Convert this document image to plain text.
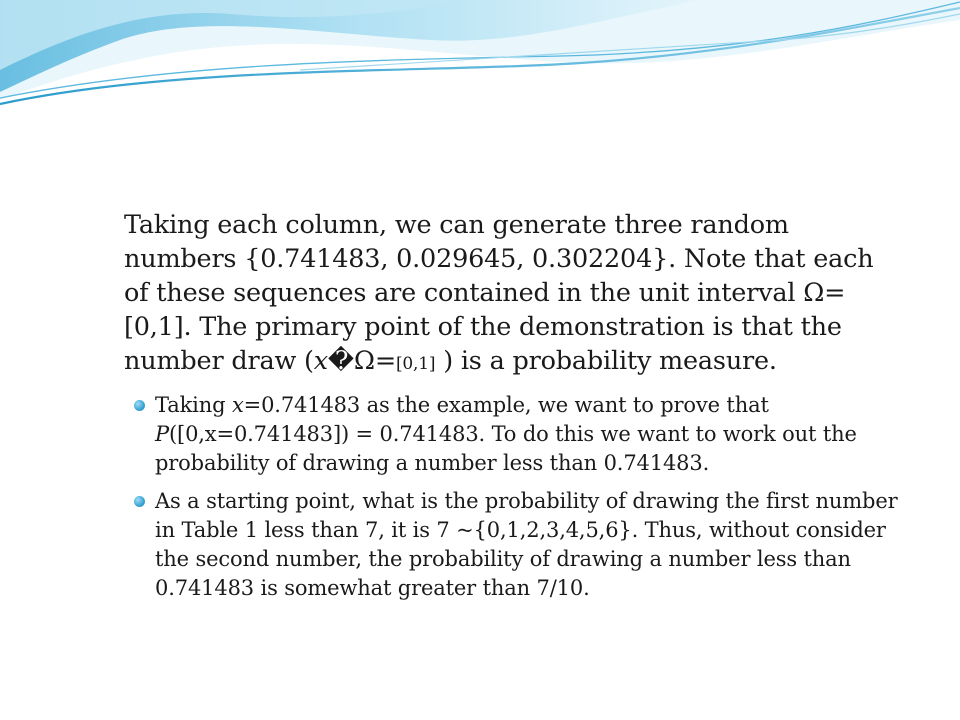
Taking each column, we can generate three random numbers {0.741483, 0.029645, 0.302204}. Note that each of these sequences are contained in the unit interval Ω=[0,1]. The primary point of the demonstration is that the number draw (x�Ω=[0,1] ) is a probability measure.

Taking x=0.741483 as the example, we want to prove that P([0,x=0.741483]) = 0.741483. To do this we want to work out the probability of drawing a number less than 0.741483.
As a starting point, what is the probability of drawing the first number in Table 1 less than 7, it is 7 ~{0,1,2,3,4,5,6}. Thus, without consider the second number, the probability of drawing a number less than 0.741483 is somewhat greater than 7/10.
